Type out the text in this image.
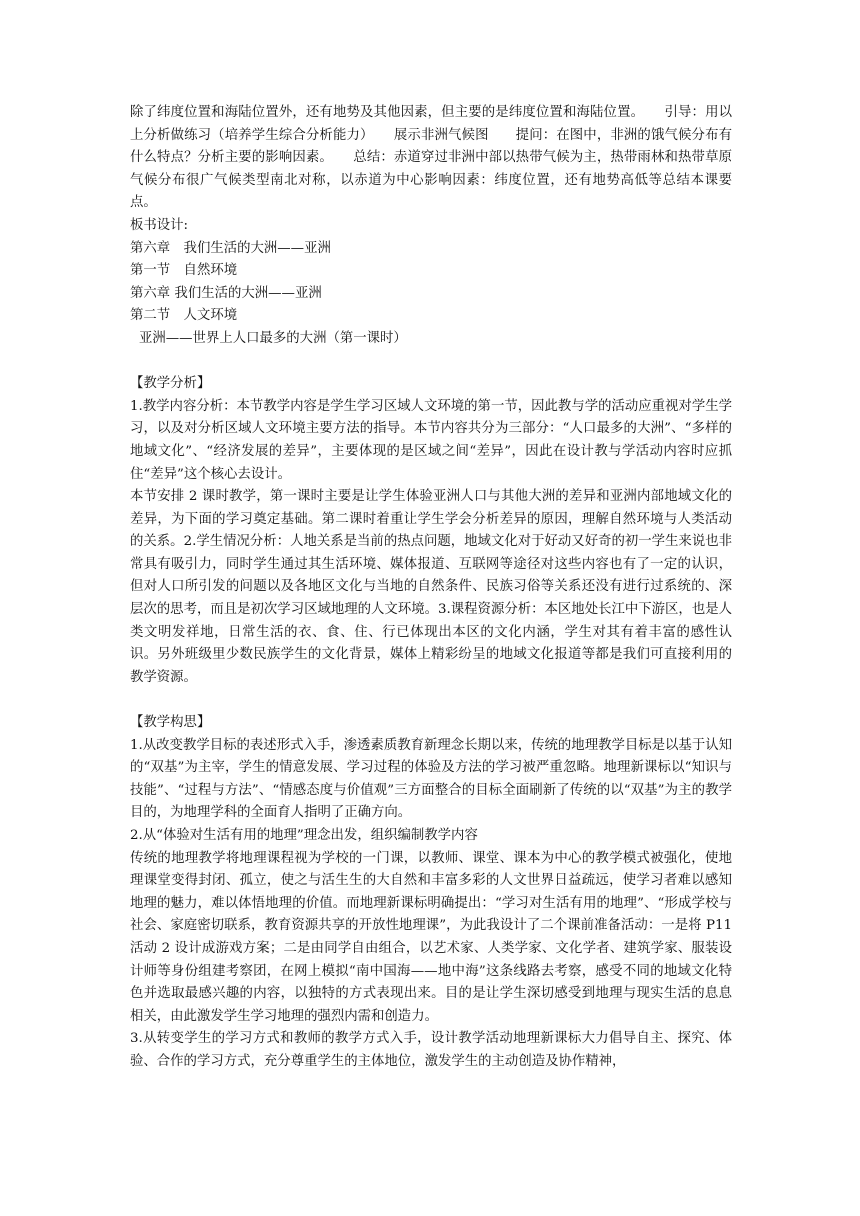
除了纬度位置和海陆位置外，还有地势及其他因素，但主要的是纬度位置和海陆位置。　　引导：用以上分析做练习（培养学生综合分析能力）　　展示非洲气候图　　提问：在图中，非洲的饿气候分布有什么特点？分析主要的影响因素。　　总结：赤道穿过非洲中部以热带气候为主，热带雨林和热带草原气候分布很广气候类型南北对称，以赤道为中心影响因素：纬度位置，还有地势高低等总结本课要点。

板书设计:

第六章　我们生活的大洲——亚洲

第一节　自然环境

第六章 我们生活的大洲——亚洲

第二节　人文环境

亚洲——世界上人口最多的大洲（第一课时）

【教学分析】

1.教学内容分析：本节教学内容是学生学习区域人文环境的第一节，因此教与学的活动应重视对学生学习，以及对分析区域人文环境主要方法的指导。本节内容共分为三部分：“人口最多的大洲”、“多样的地域文化”、“经济发展的差异”，主要体现的是区域之间“差异”，因此在设计教与学活动内容时应抓住“差异”这个核心去设计。

本节安排 2 课时教学，第一课时主要是让学生体验亚洲人口与其他大洲的差异和亚洲内部地域文化的差异，为下面的学习奠定基础。第二课时着重让学生学会分析差异的原因，理解自然环境与人类活动的关系。2.学生情况分析：人地关系是当前的热点问题，地域文化对于好动又好奇的初一学生来说也非常具有吸引力，同时学生通过其生活环境、媒体报道、互联网等途径对这些内容也有了一定的认识，但对人口所引发的问题以及各地区文化与当地的自然条件、民族习俗等关系还没有进行过系统的、深层次的思考，而且是初次学习区域地理的人文环境。3.课程资源分析：本区地处长江中下游区，也是人类文明发祥地，日常生活的衣、食、住、行已体现出本区的文化内涵，学生对其有着丰富的感性认识。另外班级里少数民族学生的文化背景，媒体上精彩纷呈的地域文化报道等都是我们可直接利用的教学资源。

【教学构思】

1.从改变教学目标的表述形式入手，渗透素质教育新理念长期以来，传统的地理教学目标是以基于认知的“双基”为主宰，学生的情意发展、学习过程的体验及方法的学习被严重忽略。地理新课标以“知识与技能”、“过程与方法”、“情感态度与价值观”三方面整合的目标全面刷新了传统的以“双基”为主的教学目的，为地理学科的全面育人指明了正确方向。

2.从“体验对生活有用的地理”理念出发，组织编制教学内容

传统的地理教学将地理课程视为学校的一门课，以教师、课堂、课本为中心的教学模式被强化，使地理课堂变得封闭、孤立，使之与活生生的大自然和丰富多彩的人文世界日益疏远，使学习者难以感知地理的魅力，难以体悟地理的价值。而地理新课标明确提出：“学习对生活有用的地理”、“形成学校与社会、家庭密切联系，教育资源共享的开放性地理课”，为此我设计了二个课前准备活动：一是将 P11 活动 2 设计成游戏方案；二是由同学自由组合，以艺术家、人类学家、文化学者、建筑学家、服装设计师等身份组建考察团，在网上模拟“南中国海——地中海”这条线路去考察，感受不同的地域文化特色并选取最感兴趣的内容，以独特的方式表现出来。目的是让学生深切感受到地理与现实生活的息息相关，由此激发学生学习地理的强烈内需和创造力。

3.从转变学生的学习方式和教师的教学方式入手，设计教学活动地理新课标大力倡导自主、探究、体验、合作的学习方式，充分尊重学生的主体地位，激发学生的主动创造及协作精神，
